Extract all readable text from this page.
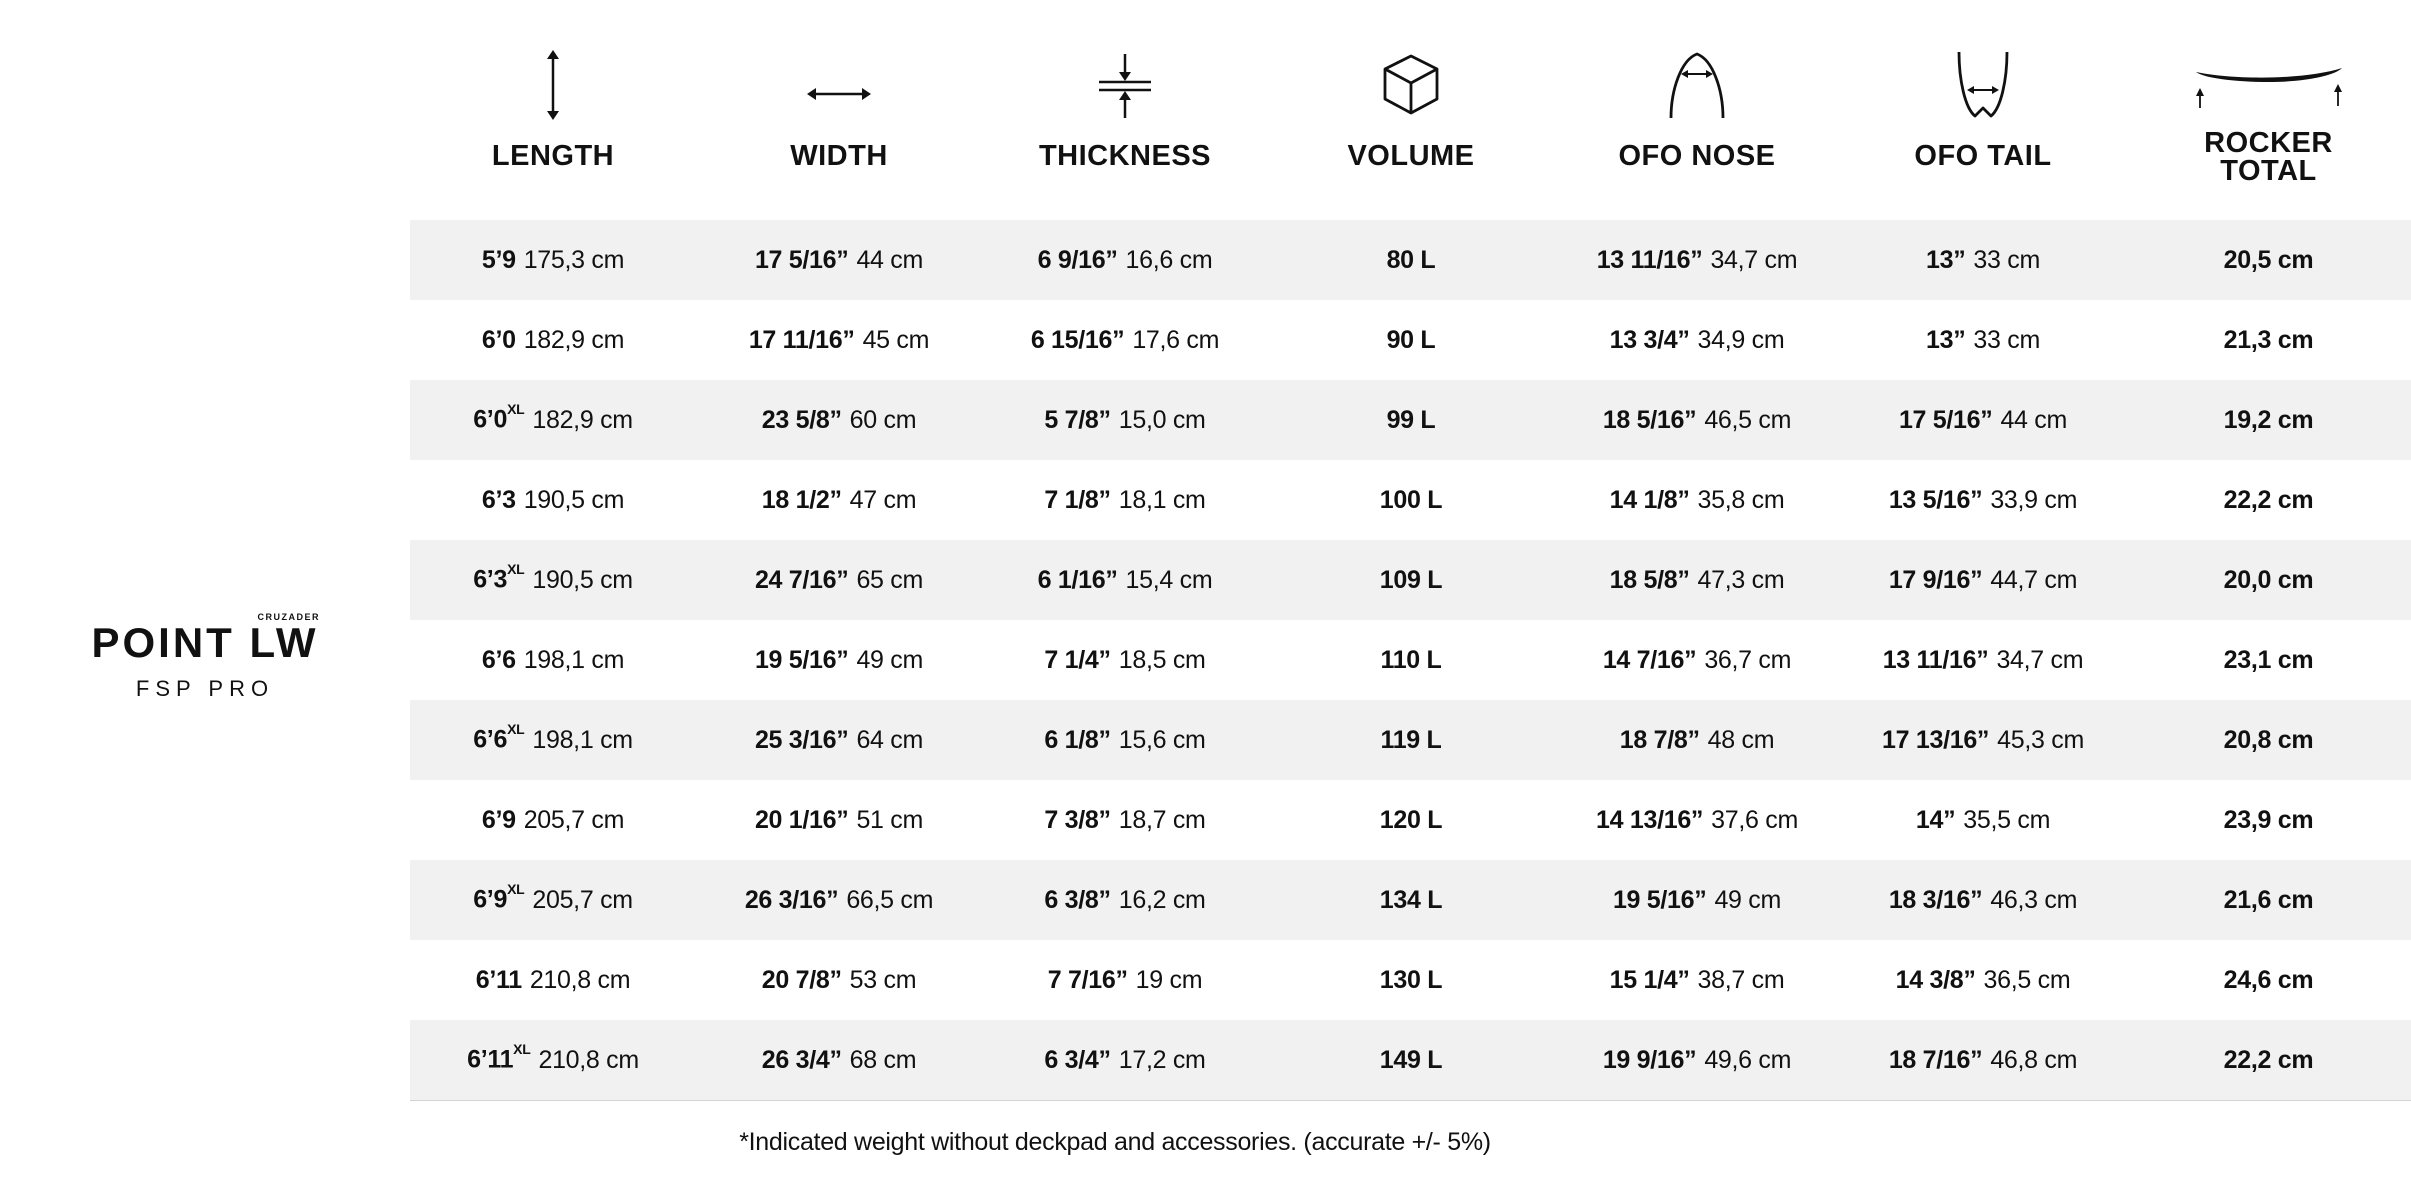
CRUZADER
POINT LW
FSP PRO
LENGTH	WIDTH	THICKNESS	VOLUME	OFO NOSE	OFO TAIL	ROCKER
TOTAL
5’9 175,3 cm	17 5/16” 44 cm	6 9/16” 16,6 cm	80 L	13 11/16” 34,7 cm	13” 33 cm	20,5 cm
6’0 182,9 cm	17 11/16” 45 cm	6 15/16” 17,6 cm	90 L	13 3/4” 34,9 cm	13” 33 cm	21,3 cm
$6’0^{XL}$ 182,9 cm	23 5/8” 60 cm	5 7/8” 15,0 cm	99 L	18 5/16” 46,5 cm	17 5/16” 44 cm	19,2 cm
6’3 190,5 cm	18 1/2” 47 cm	7 1/8” 18,1 cm	100 L	14 1/8” 35,8 cm	13 5/16” 33,9 cm	22,2 cm
$6’3^{XL}$ 190,5 cm	24 7/16” 65 cm	6 1/16” 15,4 cm	109 L	18 5/8” 47,3 cm	17 9/16” 44,7 cm	20,0 cm
6’6 198,1 cm	19 5/16” 49 cm	7 1/4” 18,5 cm	110 L	14 7/16” 36,7 cm	13 11/16” 34,7 cm	23,1 cm
$6’6^{XL}$ 198,1 cm	25 3/16” 64 cm	6 1/8” 15,6 cm	119 L	18 7/8” 48 cm	17 13/16” 45,3 cm	20,8 cm
6’9 205,7 cm	20 1/16” 51 cm	7 3/8” 18,7 cm	120 L	14 13/16” 37,6 cm	14” 35,5 cm	23,9 cm
$6’9^{XL}$ 205,7 cm	26 3/16” 66,5 cm	6 3/8” 16,2 cm	134 L	19 5/16” 49 cm	18 3/16” 46,3 cm	21,6 cm
6’11 210,8 cm	20 7/8” 53 cm	7 7/16” 19 cm	130 L	15 1/4” 38,7 cm	14 3/8” 36,5 cm	24,6 cm
$6’11^{XL}$ 210,8 cm	26 3/4” 68 cm	6 3/4” 17,2 cm	149 L	19 9/16” 49,6 cm	18 7/16” 46,8 cm	22,2 cm
*Indicated weight without deckpad and accessories. (accurate +/- 5%)
